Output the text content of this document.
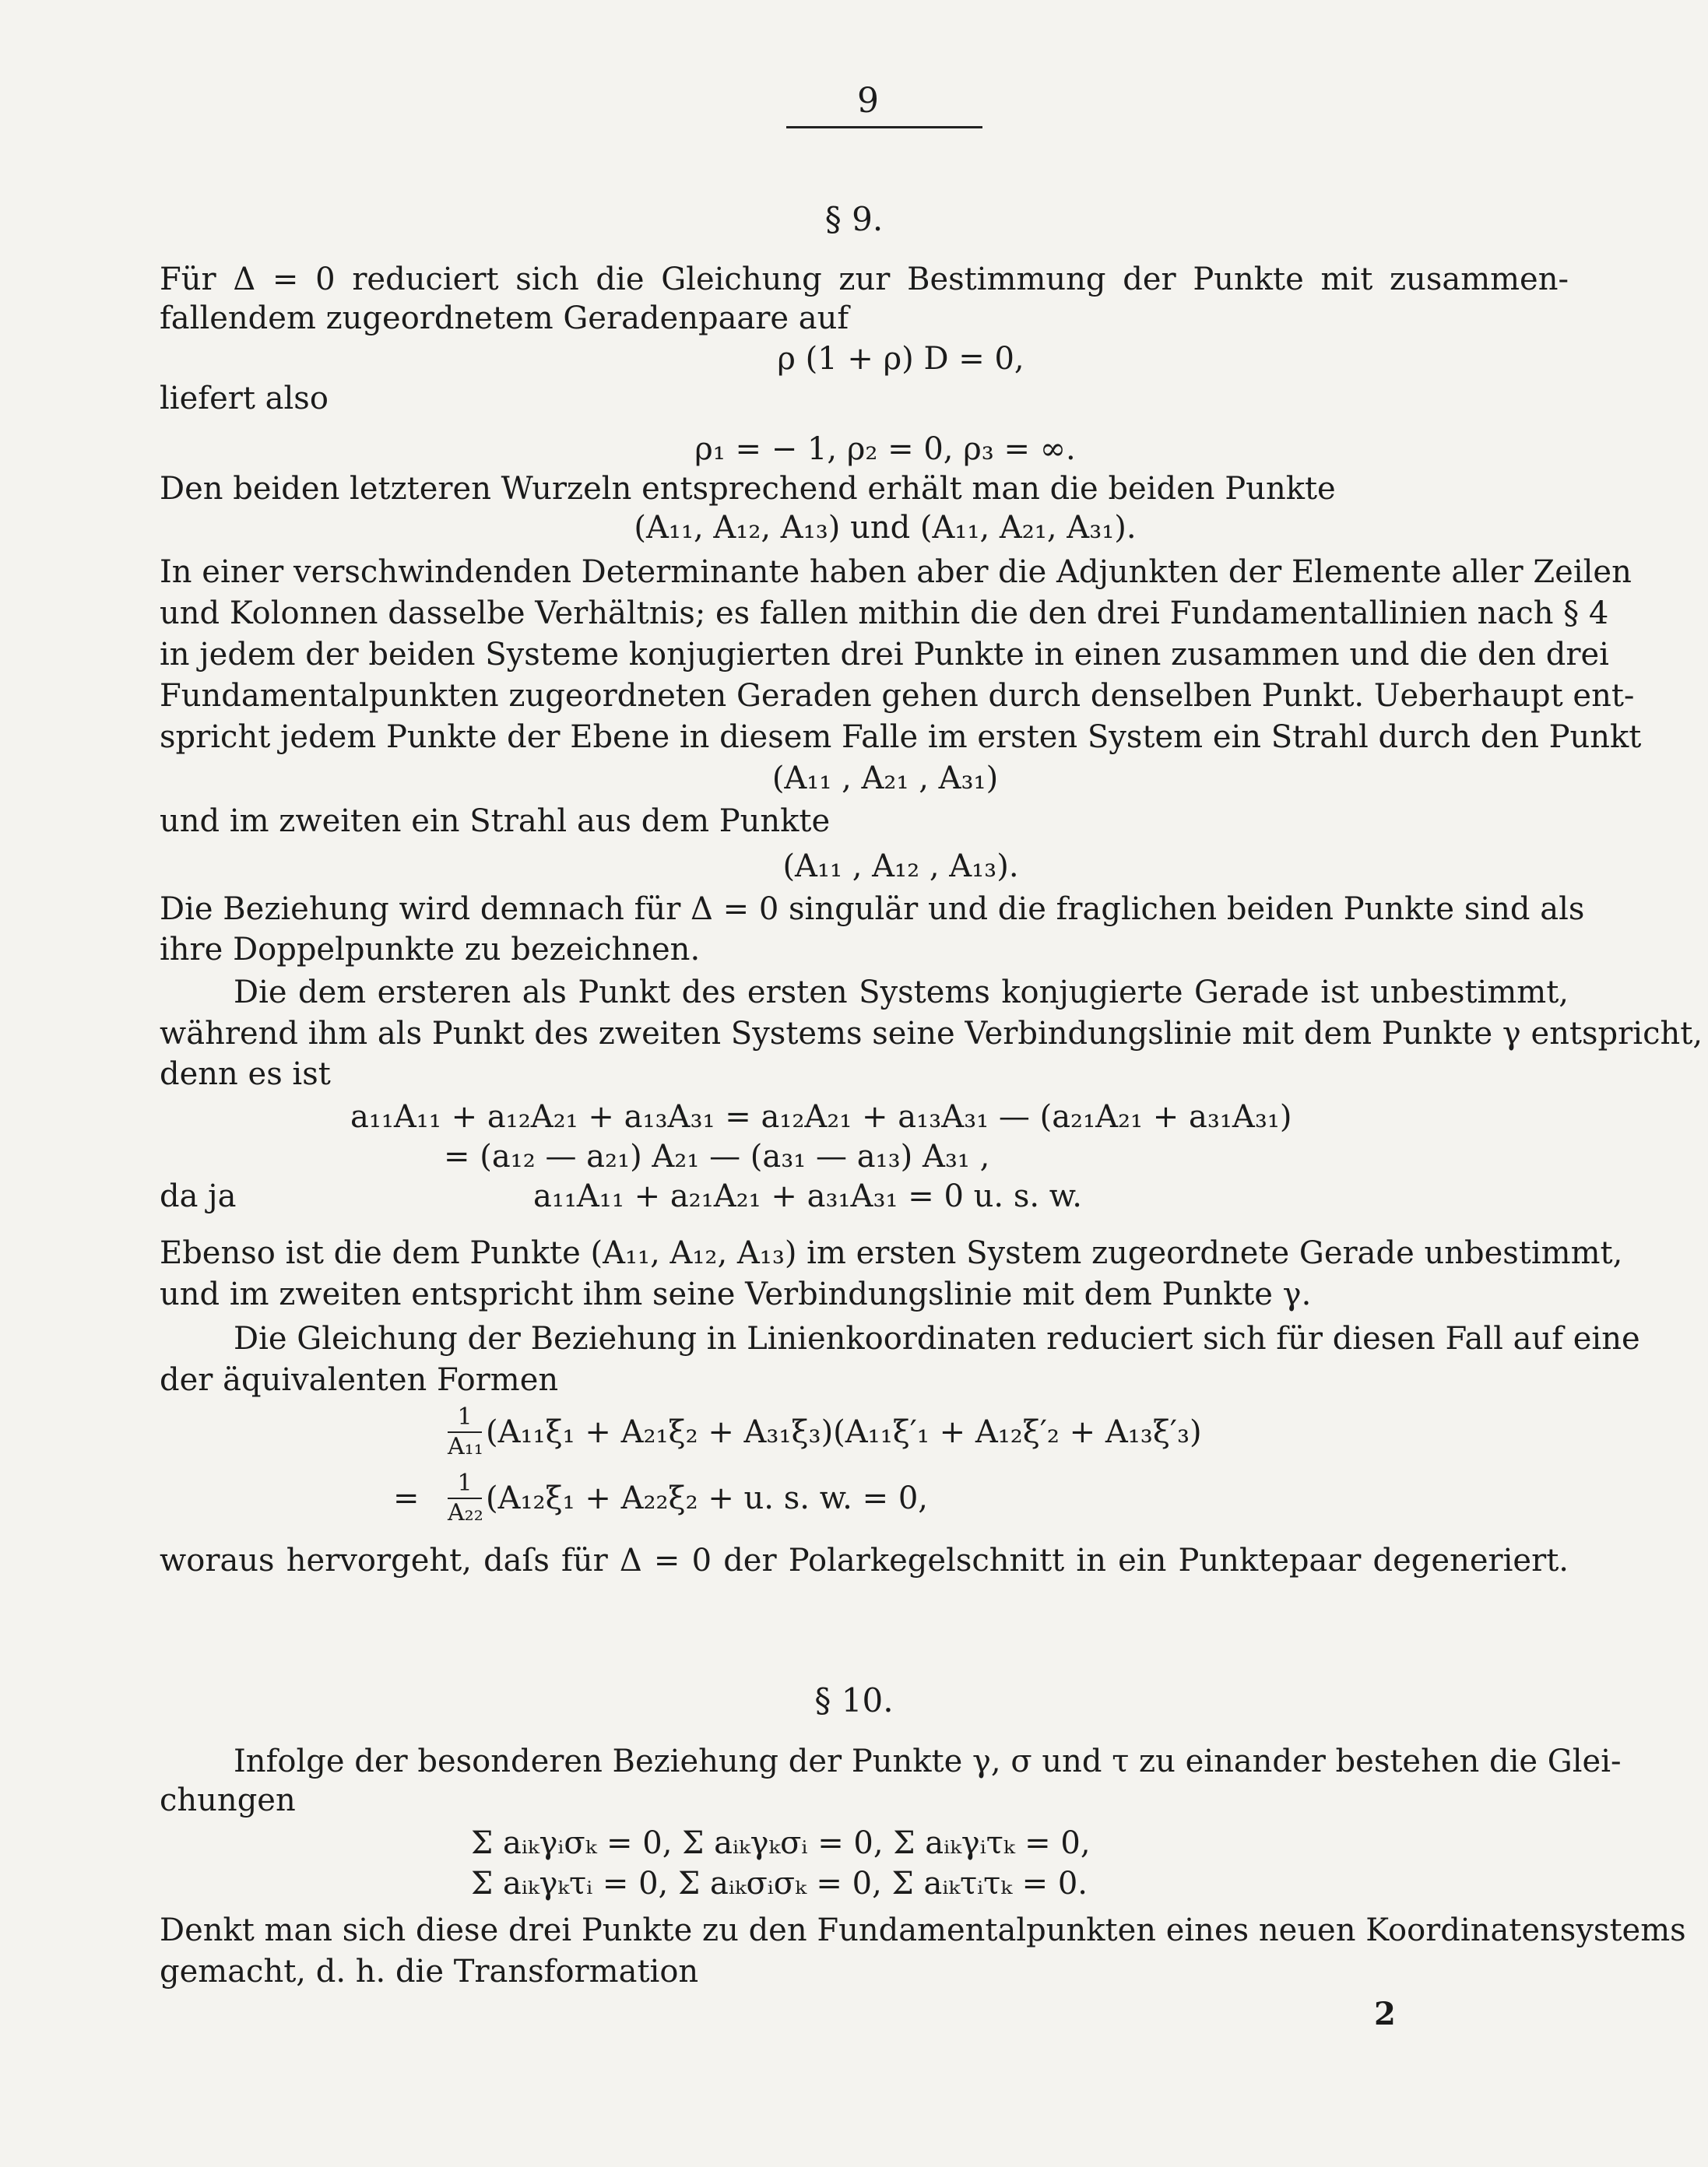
9
§ 9.
Für Δ = 0 reduciert sich die Gleichung zur Bestimmung der Punkte mit zusammen-
fallendem zugeordnetem Geradenpaare auf
ρ (1 + ρ) D = 0,
liefert also
ρ₁ = − 1, ρ₂ = 0, ρ₃ = ∞.
Den beiden letzteren Wurzeln entsprechend erhält man die beiden Punkte
(A₁₁, A₁₂, A₁₃) und (A₁₁, A₂₁, A₃₁).
In einer verschwindenden Determinante haben aber die Adjunkten der Elemente aller Zeilen
und Kolonnen dasselbe Verhältnis; es fallen mithin die den drei Fundamentallinien nach § 4
in jedem der beiden Systeme konjugierten drei Punkte in einen zusammen und die den drei
Fundamentalpunkten zugeordneten Geraden gehen durch denselben Punkt. Ueberhaupt ent-
spricht jedem Punkte der Ebene in diesem Falle im ersten System ein Strahl durch den Punkt
(A₁₁ , A₂₁ , A₃₁)
und im zweiten ein Strahl aus dem Punkte
(A₁₁ , A₁₂ , A₁₃).
Die Beziehung wird demnach für Δ = 0 singulär und die fraglichen beiden Punkte sind als
ihre Doppelpunkte zu bezeichnen.
Die dem ersteren als Punkt des ersten Systems konjugierte Gerade ist unbestimmt,
während ihm als Punkt des zweiten Systems seine Verbindungslinie mit dem Punkte γ entspricht,
denn es ist
a₁₁A₁₁ + a₁₂A₂₁ + a₁₃A₃₁ = a₁₂A₂₁ + a₁₃A₃₁ — (a₂₁A₂₁ + a₃₁A₃₁)
= (a₁₂ — a₂₁) A₂₁ — (a₃₁ — a₁₃) A₃₁ ,
da ja	a₁₁A₁₁ + a₂₁A₂₁ + a₃₁A₃₁ = 0 u. s. w.
Ebenso ist die dem Punkte (A₁₁, A₁₂, A₁₃) im ersten System zugeordnete Gerade unbestimmt,
und im zweiten entspricht ihm seine Verbindungslinie mit dem Punkte γ.
Die Gleichung der Beziehung in Linienkoordinaten reduciert sich für diesen Fall auf eine
der äquivalenten Formen
1
A₁₁ (A₁₁ξ₁ + A₂₁ξ₂ + A₃₁ξ₃)(A₁₁ξ′₁ + A₁₂ξ′₂ + A₁₃ξ′₃)
=	1
A₂₂ (A₁₂ξ₁ + A₂₂ξ₂ + u. s. w. = 0,
woraus hervorgeht, daſs für Δ = 0 der Polarkegelschnitt in ein Punktepaar degeneriert.
§ 10.
Infolge der besonderen Beziehung der Punkte γ, σ und τ zu einander bestehen die Glei-
chungen
Σ aᵢₖγᵢσₖ = 0, Σ aᵢₖγₖσᵢ = 0, Σ aᵢₖγᵢτₖ = 0,
Σ aᵢₖγₖτᵢ = 0, Σ aᵢₖσᵢσₖ = 0, Σ aᵢₖτᵢτₖ = 0.
Denkt man sich diese drei Punkte zu den Fundamentalpunkten eines neuen Koordinatensystems
gemacht, d. h. die Transformation
2
